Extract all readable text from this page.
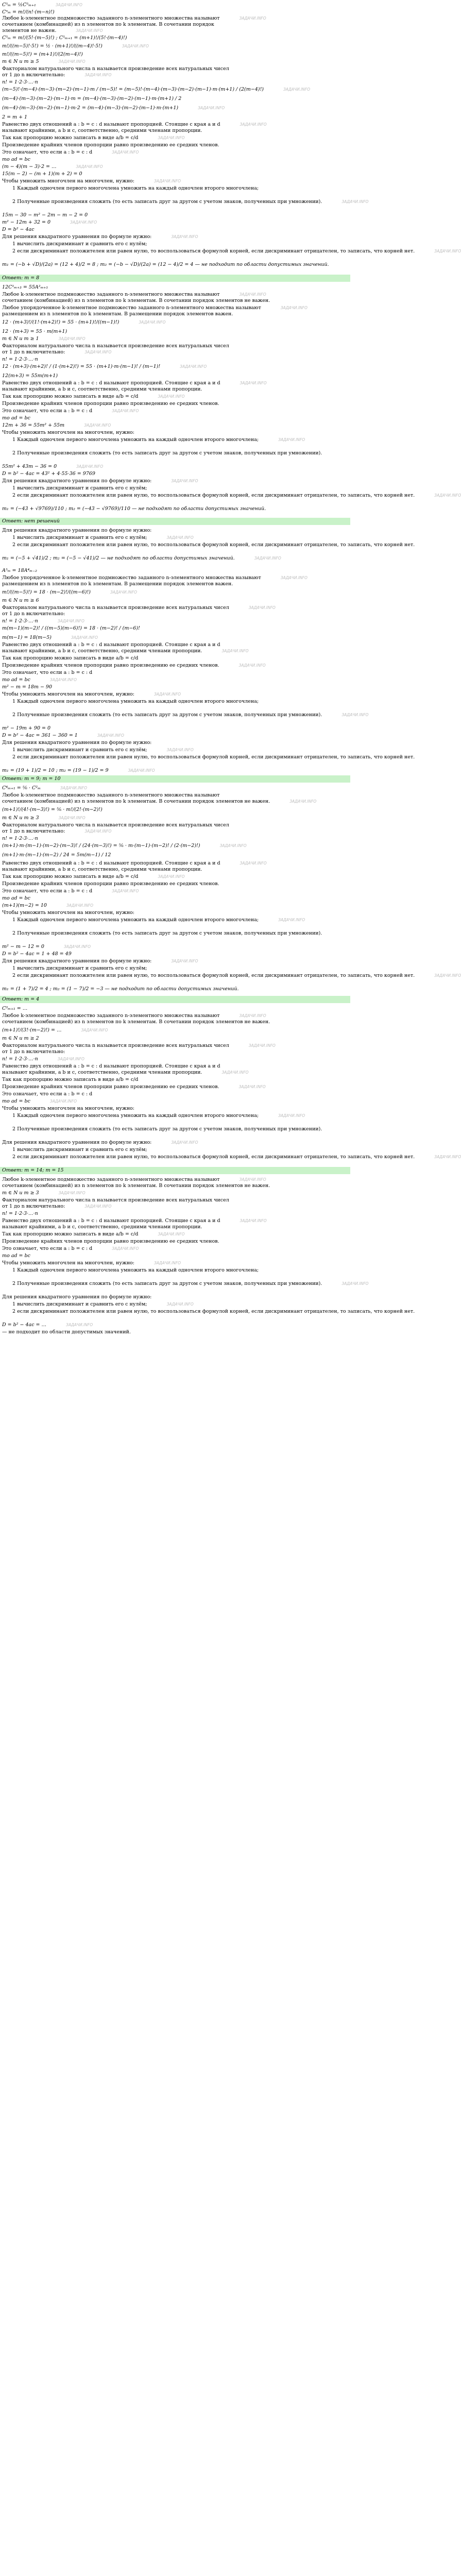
C⁵ₘ = ½C⁵ₘ₊₁	ЗАДАЧИ.INFO
Cⁿₘ = m!/(n!·(m−n)!)
Любое k-элементное подмножество заданного n-элементного множества называют	ЗАДАЧИ.INFO
сочетанием (комбинацией) из n элементов по k элементам. В сочетании порядок
элементов не важен.	ЗАДАЧИ.INFO
C⁵ₘ = m!/(5!·(m−5)!) ; C⁵ₘ₊₁ = (m+1)!/(5!·(m−4)!)
m!/((m−5)!·5!) = ½ · (m+1)!/((m−4)!·5!)	ЗАДАЧИ.INFO
m!/((m−5)!) = (m+1)!/(2(m−4)!)
m ∈ N и m ≥ 5	ЗАДАЧИ.INFO
Факториалом натурального числа n называется произведение всех натуральных чисел
от 1 до n включительно:	ЗАДАЧИ.INFO
n! = 1·2·3·…·n
(m−5)!·(m−4)·(m−3)·(m−2)·(m−1)·m / (m−5)! = (m−5)!·(m−4)·(m−3)·(m−2)·(m−1)·m·(m+1) / (2(m−4)!)	ЗАДАЧИ.INFO
(m−4)·(m−3)·(m−2)·(m−1)·m = (m−4)·(m−3)·(m−2)·(m−1)·m·(m+1) / 2
(m−4)·(m−3)·(m−2)·(m−1)·m·2 = (m−4)·(m−3)·(m−2)·(m−1)·m·(m+1)	ЗАДАЧИ.INFO
2 = m + 1
Равенство двух отношений a : b = c : d называют пропорцией. Стоящие с края a и d	ЗАДАЧИ.INFO
называют крайними, а b и c, соответственно, средними членами пропорции.
Так как пропорцию можно записать в виде a/b = c/d	ЗАДАЧИ.INFO
Произведение крайних членов пропорции равно произведению ее средних членов.
Это означает, что если a : b = c : d	ЗАДАЧИ.INFO
то ad = bc
(m − 4)(m − 3)·2 = …	ЗАДАЧИ.INFO
15(m − 2) − (m + 1)(m + 2) = 0
Чтобы умножить многочлен на многочлен, нужно:	ЗАДАЧИ.INFO
1 Каждый одночлен первого многочлена умножить на каждый одночлен второго многочлена;
2 Полученные произведения сложить (то есть записать друг за другом с учетом знаков, полученных при умножении).	ЗАДАЧИ.INFO
15m − 30 − m² − 2m − m − 2 = 0
m² − 12m + 32 = 0	ЗАДАЧИ.INFO
D = b² − 4ac
Для решения квадратного уравнения по формуле нужно:	ЗАДАЧИ.INFO
1 вычислить дискриминант и сравнить его с нулём;
2 если дискриминант положителен или равен нулю, то воспользоваться формулой корней, если дискриминант отрицателен, то записать, что корней нет.	ЗАДАЧИ.INFO
m₁ = (−b + √D)/(2a) = (12 + 4)/2 = 8 ; m₂ = (−b − √D)/(2a) = (12 − 4)/2 = 4 — не подходит по области допустимых значений.
Ответ: m = 8
12C¹ₘ₊₃ = 55A²ₘ₊₁
Любое k-элементное подмножество заданного n-элементного множества называют	ЗАДАЧИ.INFO
сочетанием (комбинацией) из n элементов по k элементам. В сочетании порядок элементов не важен.
Любое упорядоченное k-элементное подмножество заданного n-элементного множества называют	ЗАДАЧИ.INFO
размещением из n элементов по k элементам. В размещении порядок элементов важен.
12 · (m+3)!/(1!·(m+2)!) = 55 · (m+1)!/((m−1)!)	ЗАДАЧИ.INFO
12 · (m+3) = 55 · m(m+1)
m ∈ N и m ≥ 1	ЗАДАЧИ.INFO
Факториалом натурального числа n называется произведение всех натуральных чисел
от 1 до n включительно:	ЗАДАЧИ.INFO
n! = 1·2·3·…·n
12 · (m+3)·(m+2)! / (1·(m+2)!) = 55 · (m+1)·m·(m−1)! / (m−1)!	ЗАДАЧИ.INFO
12(m+3) = 55m(m+1)
Равенство двух отношений a : b = c : d называют пропорцией. Стоящие с края a и d	ЗАДАЧИ.INFO
называют крайними, а b и c, соответственно, средними членами пропорции.
Так как пропорцию можно записать в виде a/b = c/d	ЗАДАЧИ.INFO
Произведение крайних членов пропорции равно произведению ее средних членов.
Это означает, что если a : b = c : d	ЗАДАЧИ.INFO
то ad = bc
12m + 36 = 55m² + 55m	ЗАДАЧИ.INFO
Чтобы умножить многочлен на многочлен, нужно:
1 Каждый одночлен первого многочлена умножить на каждый одночлен второго многочлена;	ЗАДАЧИ.INFO
2 Полученные произведения сложить (то есть записать друг за другом с учетом знаков, полученных при умножении).
55m² + 43m − 36 = 0	ЗАДАЧИ.INFO
D = b² − 4ac = 43² + 4·55·36 = 9769
Для решения квадратного уравнения по формуле нужно:	ЗАДАЧИ.INFO
1 вычислить дискриминант и сравнить его с нулём;
2 если дискриминант положителен или равен нулю, то воспользоваться формулой корней, если дискриминант отрицателен, то записать, что корней нет.	ЗАДАЧИ.INFO
m₁ = (−43 + √9769)/110 ; m₂ = (−43 − √9769)/110 — не подходят по области допустимых значений.
Ответ: нет решений
Для решения квадратного уравнения по формуле нужно:
1 вычислить дискриминант и сравнить его с нулём;	ЗАДАЧИ.INFO
2 если дискриминант положителен или равен нулю, то воспользоваться формулой корней, если дискриминант отрицателен, то записать, что корней нет.
m₁ = (−5 + √41)/2 ; m₂ = (−5 − √41)/2 — не подходят по области допустимых значений.	ЗАДАЧИ.INFO
A⁵ₘ = 18A⁴ₘ₋₂
Любое упорядоченное k-элементное подмножество заданного n-элементного множества называют	ЗАДАЧИ.INFO
размещением из n элементов по k элементам. В размещении порядок элементов важен.
m!/((m−5)!) = 18 · (m−2)!/((m−6)!)	ЗАДАЧИ.INFO
m ∈ N и m ≥ 6
Факториалом натурального числа n называется произведение всех натуральных чисел	ЗАДАЧИ.INFO
от 1 до n включительно:
n! = 1·2·3·…·n	ЗАДАЧИ.INFO
m(m−1)(m−2)! / ((m−5)(m−6)!) = 18 · (m−2)! / (m−6)!
m(m−1) = 18(m−5)	ЗАДАЧИ.INFO
Равенство двух отношений a : b = c : d называют пропорцией. Стоящие с края a и d
называют крайними, а b и c, соответственно, средними членами пропорции.	ЗАДАЧИ.INFO
Так как пропорцию можно записать в виде a/b = c/d
Произведение крайних членов пропорции равно произведению ее средних членов.	ЗАДАЧИ.INFO
Это означает, что если a : b = c : d
то ad = bc	ЗАДАЧИ.INFO
m² − m = 18m − 90
Чтобы умножить многочлен на многочлен, нужно:	ЗАДАЧИ.INFO
1 Каждый одночлен первого многочлена умножить на каждый одночлен второго многочлена;
2 Полученные произведения сложить (то есть записать друг за другом с учетом знаков, полученных при умножении).	ЗАДАЧИ.INFO
m² − 19m + 90 = 0
D = b² − 4ac = 361 − 360 = 1	ЗАДАЧИ.INFO
Для решения квадратного уравнения по формуле нужно:
1 вычислить дискриминант и сравнить его с нулём;	ЗАДАЧИ.INFO
2 если дискриминант положителен или равен нулю, то воспользоваться формулой корней, если дискриминант отрицателен, то записать, что корней нет.
m₁ = (19 + 1)/2 = 10 ; m₂ = (19 − 1)/2 = 9	ЗАДАЧИ.INFO
Ответ: m = 9; m = 10
C⁴ₘ₊₁ = ⅚ · C²ₘ	ЗАДАЧИ.INFO
Любое k-элементное подмножество заданного n-элементного множества называют
сочетанием (комбинацией) из n элементов по k элементам. В сочетании порядок элементов не важен.	ЗАДАЧИ.INFO
(m+1)!/(4!·(m−3)!) = ⅚ · m!/(2!·(m−2)!)
m ∈ N и m ≥ 3	ЗАДАЧИ.INFO
Факториалом натурального числа n называется произведение всех натуральных чисел
от 1 до n включительно:	ЗАДАЧИ.INFO
n! = 1·2·3·…·n
(m+1)·m·(m−1)·(m−2)·(m−3)! / (24·(m−3)!) = ⅚ · m·(m−1)·(m−2)! / (2·(m−2)!)	ЗАДАЧИ.INFO
(m+1)·m·(m−1)·(m−2) / 24 = 5m(m−1) / 12
Равенство двух отношений a : b = c : d называют пропорцией. Стоящие с края a и d	ЗАДАЧИ.INFO
называют крайними, а b и c, соответственно, средними членами пропорции.
Так как пропорцию можно записать в виде a/b = c/d	ЗАДАЧИ.INFO
Произведение крайних членов пропорции равно произведению ее средних членов.
Это означает, что если a : b = c : d	ЗАДАЧИ.INFO
то ad = bc
(m+1)(m−2) = 10	ЗАДАЧИ.INFO
Чтобы умножить многочлен на многочлен, нужно:
1 Каждый одночлен первого многочлена умножить на каждый одночлен второго многочлена;	ЗАДАЧИ.INFO
2 Полученные произведения сложить (то есть записать друг за другом с учетом знаков, полученных при умножении).
m² − m − 12 = 0	ЗАДАЧИ.INFO
D = b² − 4ac = 1 + 48 = 49
Для решения квадратного уравнения по формуле нужно:	ЗАДАЧИ.INFO
1 вычислить дискриминант и сравнить его с нулём;
2 если дискриминант положителен или равен нулю, то воспользоваться формулой корней, если дискриминант отрицателен, то записать, что корней нет.	ЗАДАЧИ.INFO
m₁ = (1 + 7)/2 = 4 ; m₂ = (1 − 7)/2 = −3 — не подходит по области допустимых значений.
Ответ: m = 4
C³ₘ₊₁ = …
Любое k-элементное подмножество заданного n-элементного множества называют	ЗАДАЧИ.INFO
сочетанием (комбинацией) из n элементов по k элементам. В сочетании порядок элементов не важен.
(m+1)!/(3!·(m−2)!) = …	ЗАДАЧИ.INFO
m ∈ N и m ≥ 2
Факториалом натурального числа n называется произведение всех натуральных чисел	ЗАДАЧИ.INFO
от 1 до n включительно:
n! = 1·2·3·…·n	ЗАДАЧИ.INFO
Равенство двух отношений a : b = c : d называют пропорцией. Стоящие с края a и d
называют крайними, а b и c, соответственно, средними членами пропорции.	ЗАДАЧИ.INFO
Так как пропорцию можно записать в виде a/b = c/d
Произведение крайних членов пропорции равно произведению ее средних членов.	ЗАДАЧИ.INFO
Это означает, что если a : b = c : d
то ad = bc	ЗАДАЧИ.INFO
Чтобы умножить многочлен на многочлен, нужно:
1 Каждый одночлен первого многочлена умножить на каждый одночлен второго многочлена;	ЗАДАЧИ.INFO
2 Полученные произведения сложить (то есть записать друг за другом с учетом знаков, полученных при умножении).
Для решения квадратного уравнения по формуле нужно:	ЗАДАЧИ.INFO
1 вычислить дискриминант и сравнить его с нулём;
2 если дискриминант положителен или равен нулю, то воспользоваться формулой корней, если дискриминант отрицателен, то записать, что корней нет.	ЗАДАЧИ.INFO
Ответ: m = 14; m = 15
Любое k-элементное подмножество заданного n-элементного множества называют	ЗАДАЧИ.INFO
сочетанием (комбинацией) из n элементов по k элементам. В сочетании порядок элементов не важен.
m ∈ N и m ≥ 3	ЗАДАЧИ.INFO
Факториалом натурального числа n называется произведение всех натуральных чисел
от 1 до n включительно:	ЗАДАЧИ.INFO
n! = 1·2·3·…·n
Равенство двух отношений a : b = c : d называют пропорцией. Стоящие с края a и d	ЗАДАЧИ.INFO
называют крайними, а b и c, соответственно, средними членами пропорции.
Так как пропорцию можно записать в виде a/b = c/d	ЗАДАЧИ.INFO
Произведение крайних членов пропорции равно произведению ее средних членов.
Это означает, что если a : b = c : d	ЗАДАЧИ.INFO
то ad = bc
Чтобы умножить многочлен на многочлен, нужно:	ЗАДАЧИ.INFO
1 Каждый одночлен первого многочлена умножить на каждый одночлен второго многочлена;
2 Полученные произведения сложить (то есть записать друг за другом с учетом знаков, полученных при умножении).	ЗАДАЧИ.INFO
Для решения квадратного уравнения по формуле нужно:
1 вычислить дискриминант и сравнить его с нулём;	ЗАДАЧИ.INFO
2 если дискриминант положителен или равен нулю, то воспользоваться формулой корней, если дискриминант отрицателен, то записать, что корней нет.
D = b² − 4ac = …	ЗАДАЧИ.INFO
— не подходит по области допустимых значений.
